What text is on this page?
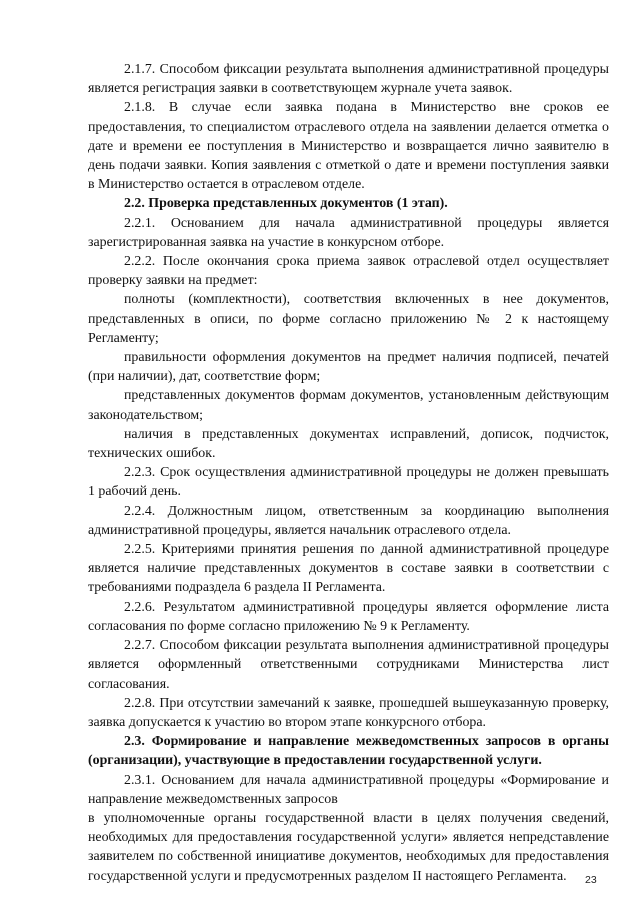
2.1.7. Способом фиксации результата выполнения административной процедуры является регистрация заявки в соответствующем журнале учета заявок.

2.1.8. В случае если заявка подана в Министерство вне сроков ее предоставления, то специалистом отраслевого отдела на заявлении делается отметка о дате и времени ее поступления в Министерство и возвращается лично заявителю в день подачи заявки. Копия заявления с отметкой о дате и времени поступления заявки в Министерство остается в отраслевом отделе.

2.2. Проверка представленных документов (1 этап).

2.2.1. Основанием для начала административной процедуры является зарегистрированная заявка на участие в конкурсном отборе.

2.2.2. После окончания срока приема заявок отраслевой отдел осуществляет проверку заявки на предмет:

полноты (комплектности), соответствия включенных в нее документов, представленных в описи, по форме согласно приложению № 2 к настоящему Регламенту;

правильности оформления документов на предмет наличия подписей, печатей (при наличии), дат, соответствие форм;

представленных документов формам документов, установленным действующим законодательством;

наличия в представленных документах исправлений, дописок, подчисток, технических ошибок.

2.2.3. Срок осуществления административной процедуры не должен превышать 1 рабочий день.

2.2.4. Должностным лицом, ответственным за координацию выполнения административной процедуры, является начальник отраслевого отдела.

2.2.5. Критериями принятия решения по данной административной процедуре является наличие представленных документов в составе заявки в соответствии с требованиями подраздела 6 раздела II Регламента.

2.2.6. Результатом административной процедуры является оформление листа согласования по форме согласно приложению № 9 к Регламенту.

2.2.7. Способом фиксации результата выполнения административной процедуры является оформленный ответственными сотрудниками Министерства лист согласования.

2.2.8. При отсутствии замечаний к заявке, прошедшей вышеуказанную проверку, заявка допускается к участию во втором этапе конкурсного отбора.

2.3. Формирование и направление межведомственных запросов в органы (организации), участвующие в предоставлении государственной услуги.

2.3.1. Основанием для начала административной процедуры «Формирование и направление межведомственных запросов

в уполномоченные органы государственной власти в целях получения сведений, необходимых для предоставления государственной услуги» является непредставление заявителем по собственной инициативе документов, необходимых для предоставления государственной услуги и предусмотренных разделом II настоящего Регламента.	23
